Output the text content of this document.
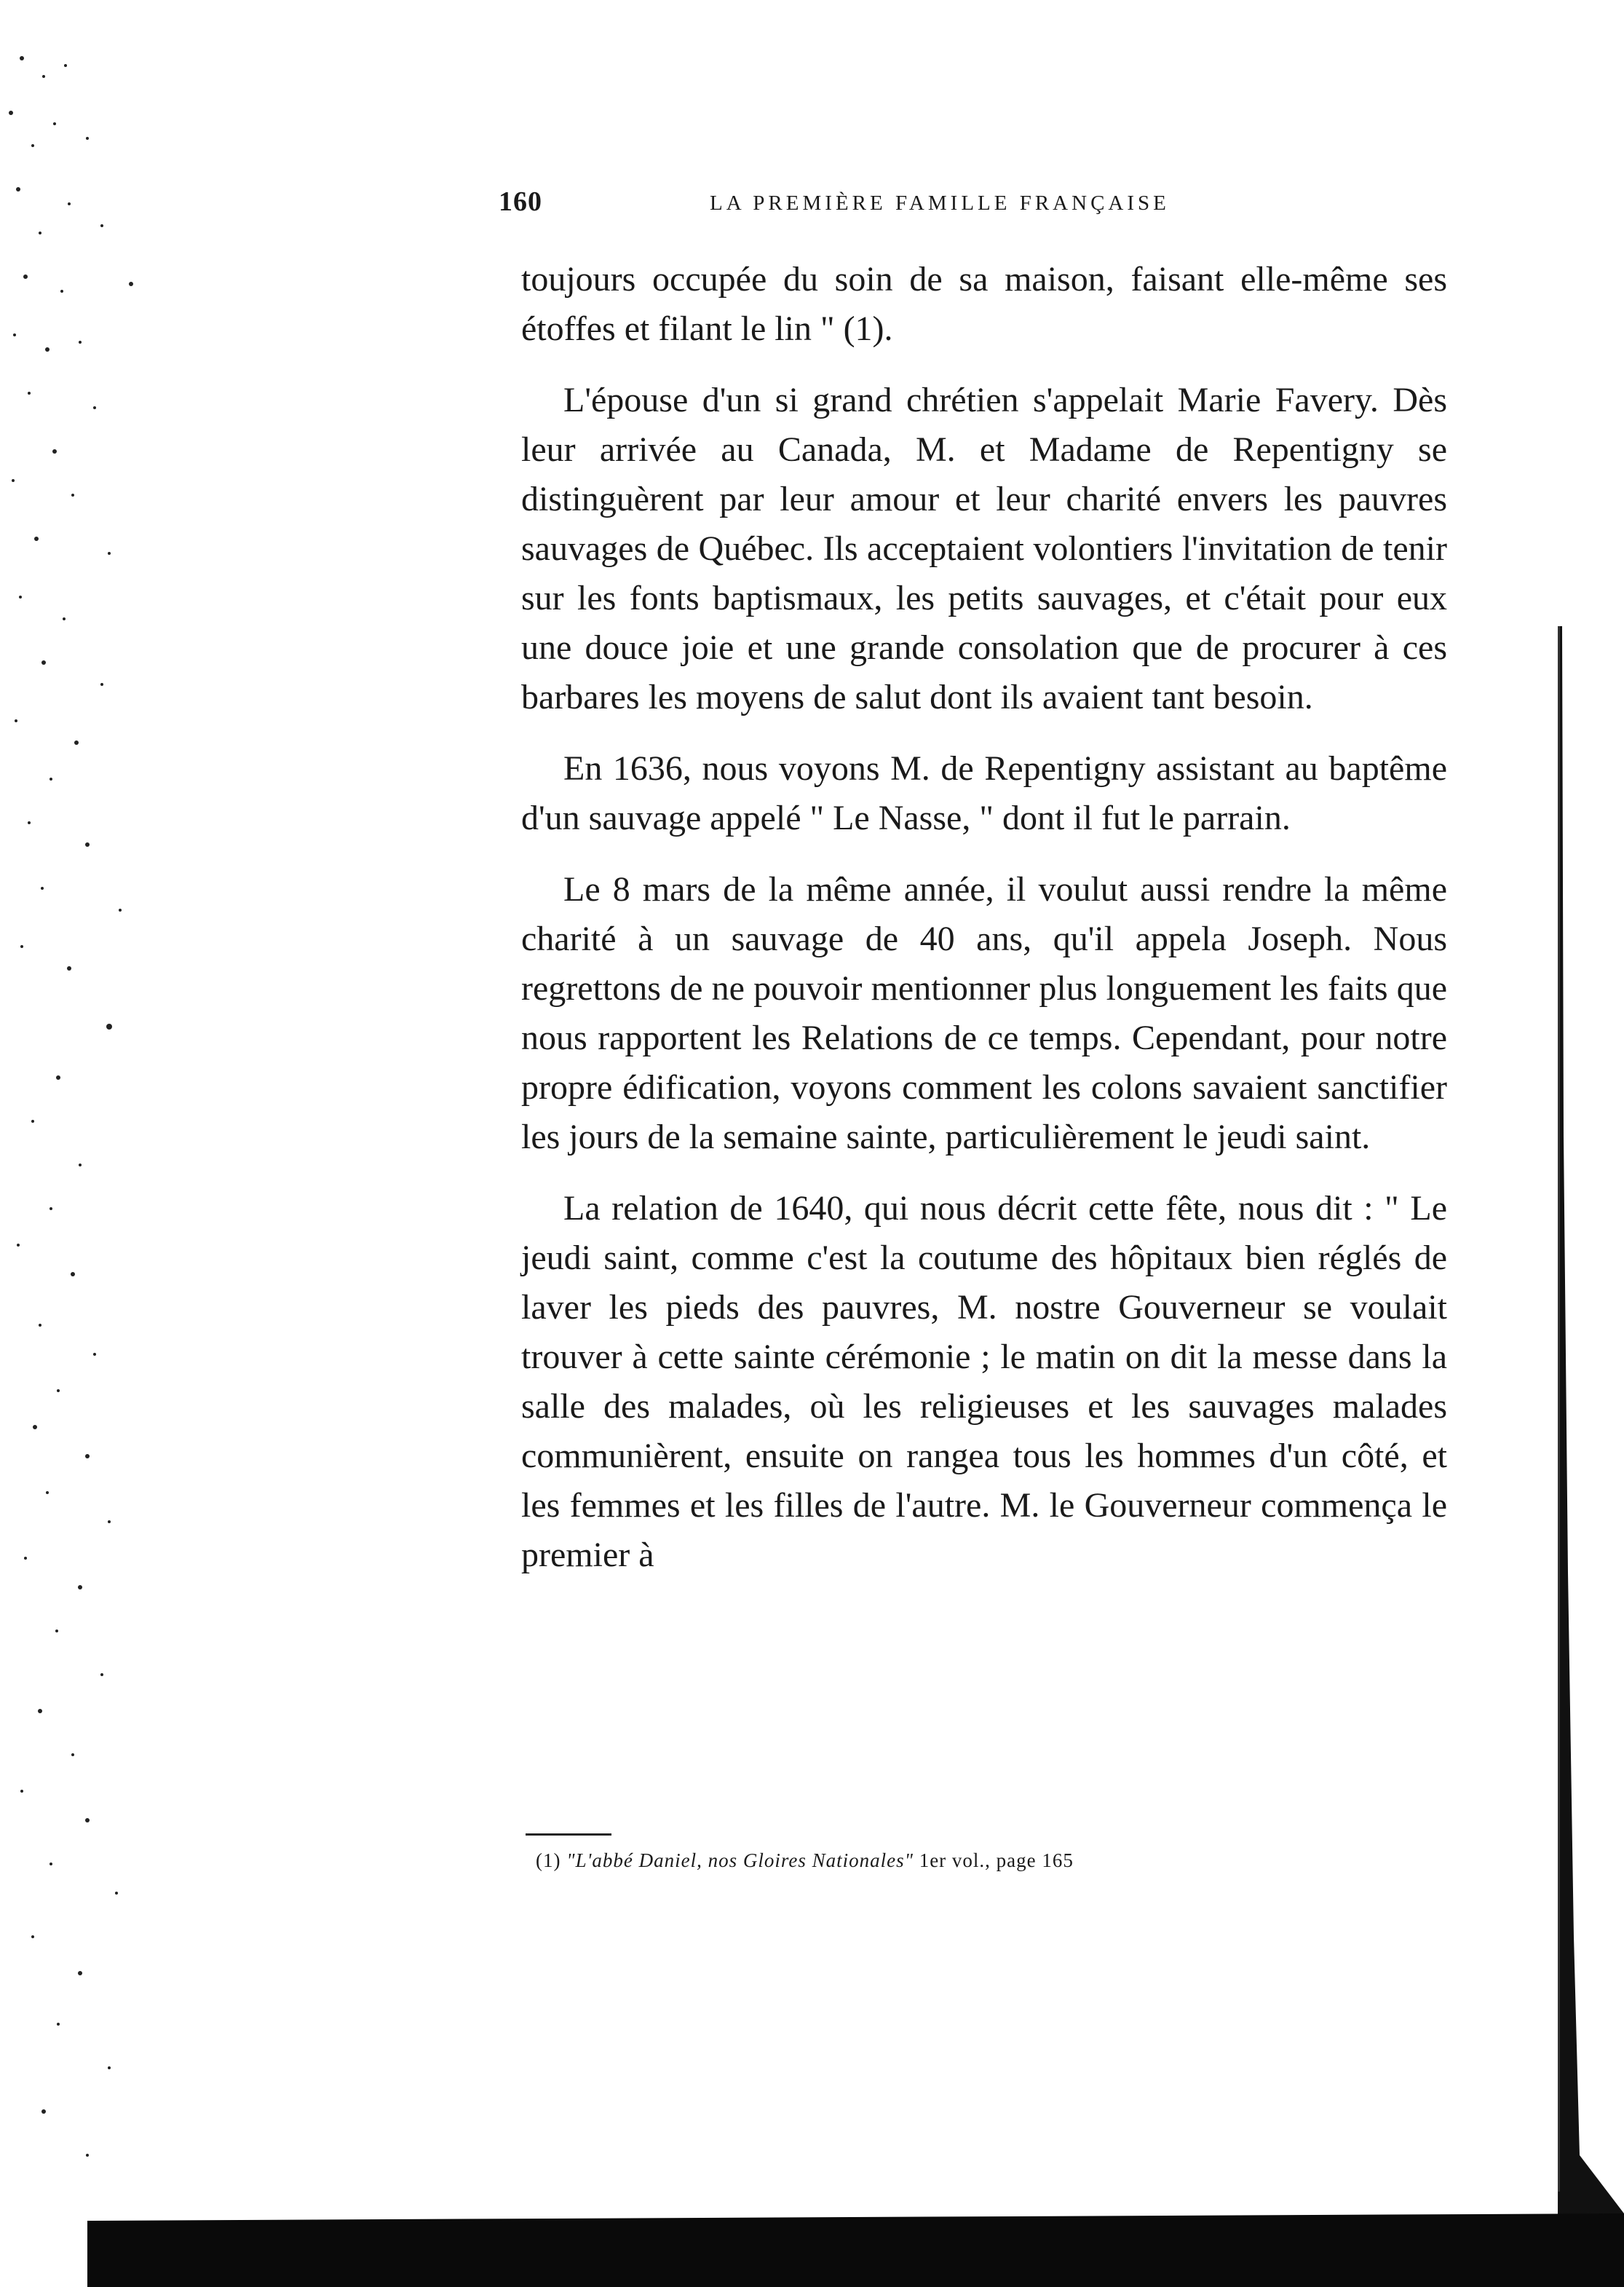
160	LA PREMIÈRE FAMILLE FRANÇAISE

toujours occupée du soin de sa maison, faisant elle-même ses étoffes et filant le lin " (1).

L'épouse d'un si grand chrétien s'appelait Marie Favery. Dès leur arrivée au Canada, M. et Madame de Repentigny se distinguèrent par leur amour et leur charité envers les pauvres sauvages de Québec. Ils acceptaient volontiers l'invitation de tenir sur les fonts baptismaux, les petits sauvages, et c'était pour eux une douce joie et une grande consolation que de procurer à ces barbares les moyens de salut dont ils avaient tant besoin.

En 1636, nous voyons M. de Repentigny assistant au baptême d'un sauvage appelé " Le Nasse, " dont il fut le parrain.

Le 8 mars de la même année, il voulut aussi rendre la même charité à un sauvage de 40 ans, qu'il appela Joseph. Nous regrettons de ne pouvoir mentionner plus longuement les faits que nous rapportent les Relations de ce temps. Cependant, pour notre propre édification, voyons comment les colons savaient sanctifier les jours de la semaine sainte, particulièrement le jeudi saint.

La relation de 1640, qui nous décrit cette fête, nous dit : " Le jeudi saint, comme c'est la coutume des hôpitaux bien réglés de laver les pieds des pauvres, M. nostre Gouverneur se voulait trouver à cette sainte cérémonie ; le matin on dit la messe dans la salle des malades, où les religieuses et les sauvages malades communièrent, ensuite on rangea tous les hommes d'un côté, et les femmes et les filles de l'autre. M. le Gouverneur commença le premier à

(1) "L'abbé Daniel, nos Gloires Nationales" 1er vol., page 165
